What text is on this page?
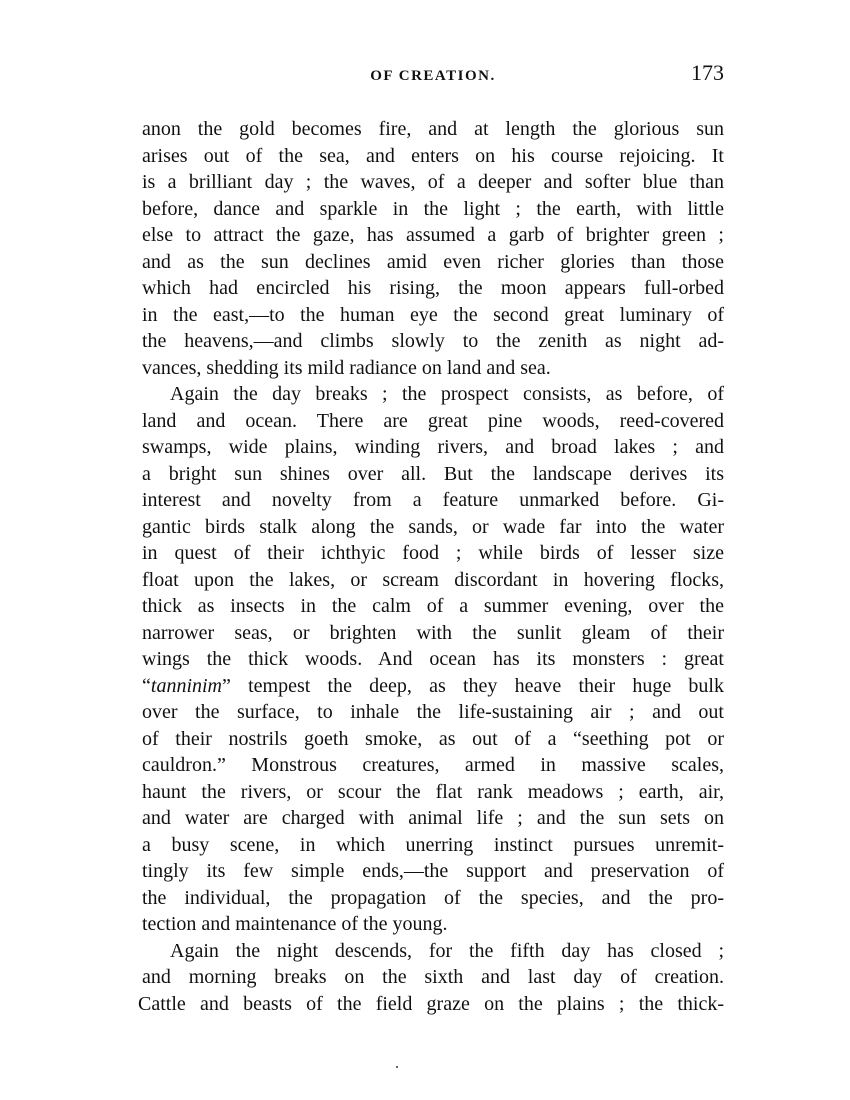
OF CREATION.	173
anon the gold becomes fire, and at length the glorious sun
arises out of the sea, and enters on his course rejoicing. It
is a brilliant day ; the waves, of a deeper and softer blue than
before, dance and sparkle in the light ; the earth, with little
else to attract the gaze, has assumed a garb of brighter green ;
and as the sun declines amid even richer glories than those
which had encircled his rising, the moon appears full-orbed
in the east,—to the human eye the second great luminary of
the heavens,—and climbs slowly to the zenith as night ad-
vances, shedding its mild radiance on land and sea.
Again the day breaks ; the prospect consists, as before, of
land and ocean. There are great pine woods, reed-covered
swamps, wide plains, winding rivers, and broad lakes ; and
a bright sun shines over all. But the landscape derives its
interest and novelty from a feature unmarked before. Gi-
gantic birds stalk along the sands, or wade far into the water
in quest of their ichthyic food ; while birds of lesser size
float upon the lakes, or scream discordant in hovering flocks,
thick as insects in the calm of a summer evening, over the
narrower seas, or brighten with the sunlit gleam of their
wings the thick woods. And ocean has its monsters : great
“tanninim” tempest the deep, as they heave their huge bulk
over the surface, to inhale the life-sustaining air ; and out
of their nostrils goeth smoke, as out of a “seething pot or
cauldron.” Monstrous creatures, armed in massive scales,
haunt the rivers, or scour the flat rank meadows ; earth, air,
and water are charged with animal life ; and the sun sets on
a busy scene, in which unerring instinct pursues unremit-
tingly its few simple ends,—the support and preservation of
the individual, the propagation of the species, and the pro-
tection and maintenance of the young.
Again the night descends, for the fifth day has closed ;
and morning breaks on the sixth and last day of creation.
Cattle and beasts of the field graze on the plains ; the thick-
